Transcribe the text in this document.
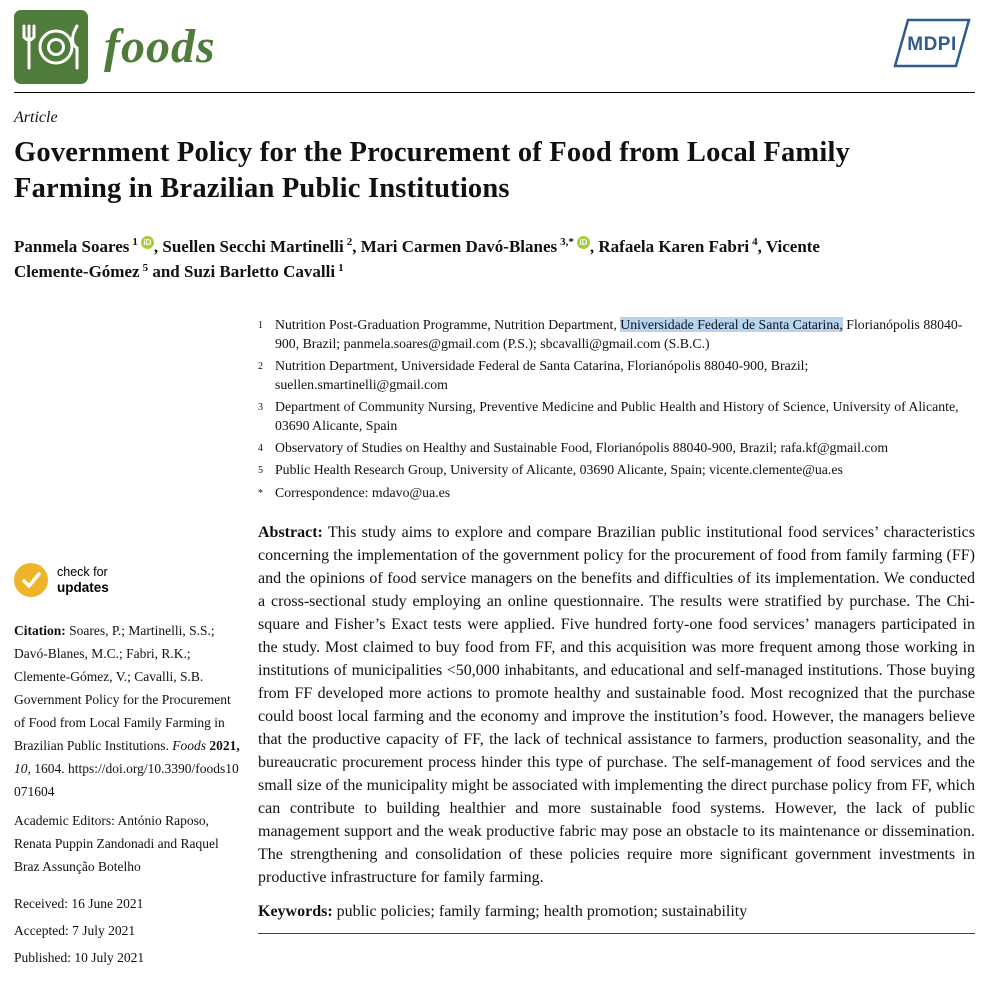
foods	MDPI
Article
Government Policy for the Procurement of Food from Local Family Farming in Brazilian Public Institutions

Panmela Soares $^1$ iD , Suellen Secchi Martinelli $^2$, Mari Carmen Davó-Blanes $^{3,*}$ iD , Rafaela Karen Fabri $^4$, Vicente Clemente-Gómez $^5$ and Suzi Barletto Cavalli $^1$

check for
updates

Citation: Soares, P.; Martinelli, S.S.; Davó-Blanes, M.C.; Fabri, R.K.; Clemente-Gómez, V.; Cavalli, S.B. Government Policy for the Procurement of Food from Local Family Farming in Brazilian Public Institutions. Foods 2021, 10, 1604. https://doi.org/10.3390/foods10071604

Academic Editors: António Raposo, Renata Puppin Zandonadi and Raquel Braz Assunção Botelho

Received: 16 June 2021

Accepted: 7 July 2021

Published: 10 July 2021

1 Nutrition Post-Graduation Programme, Nutrition Department, Universidade Federal de Santa Catarina, Florianópolis 88040-900, Brazil; panmela.soares@gmail.com (P.S.); sbcavalli@gmail.com (S.B.C.)
2 Nutrition Department, Universidade Federal de Santa Catarina, Florianópolis 88040-900, Brazil; suellen.smartinelli@gmail.com
3 Department of Community Nursing, Preventive Medicine and Public Health and History of Science, University of Alicante, 03690 Alicante, Spain
4 Observatory of Studies on Healthy and Sustainable Food, Florianópolis 88040-900, Brazil; rafa.kf@gmail.com
5 Public Health Research Group, University of Alicante, 03690 Alicante, Spain; vicente.clemente@ua.es
* Correspondence: mdavo@ua.es

Abstract: This study aims to explore and compare Brazilian public institutional food services’ characteristics concerning the implementation of the government policy for the procurement of food from family farming (FF) and the opinions of food service managers on the benefits and difficulties of its implementation. We conducted a cross-sectional study employing an online questionnaire. The results were stratified by purchase. The Chi-square and Fisher’s Exact tests were applied. Five hundred forty-one food services’ managers participated in the study. Most claimed to buy food from FF, and this acquisition was more frequent among those working in institutions of municipalities <50,000 inhabitants, and educational and self-managed institutions. Those buying from FF developed more actions to promote healthy and sustainable food. Most recognized that the purchase could boost local farming and the economy and improve the institution’s food. However, the managers believe that the productive capacity of FF, the lack of technical assistance to farmers, production seasonality, and the bureaucratic procurement process hinder this type of purchase. The self-management of food services and the small size of the municipality might be associated with implementing the direct purchase policy from FF, which can contribute to building healthier and more sustainable food systems. However, the lack of public management support and the weak productive fabric may pose an obstacle to its maintenance or dissemination. The strengthening and consolidation of these policies require more significant government investments in productive infrastructure for family farming.

Keywords: public policies; family farming; health promotion; sustainability
